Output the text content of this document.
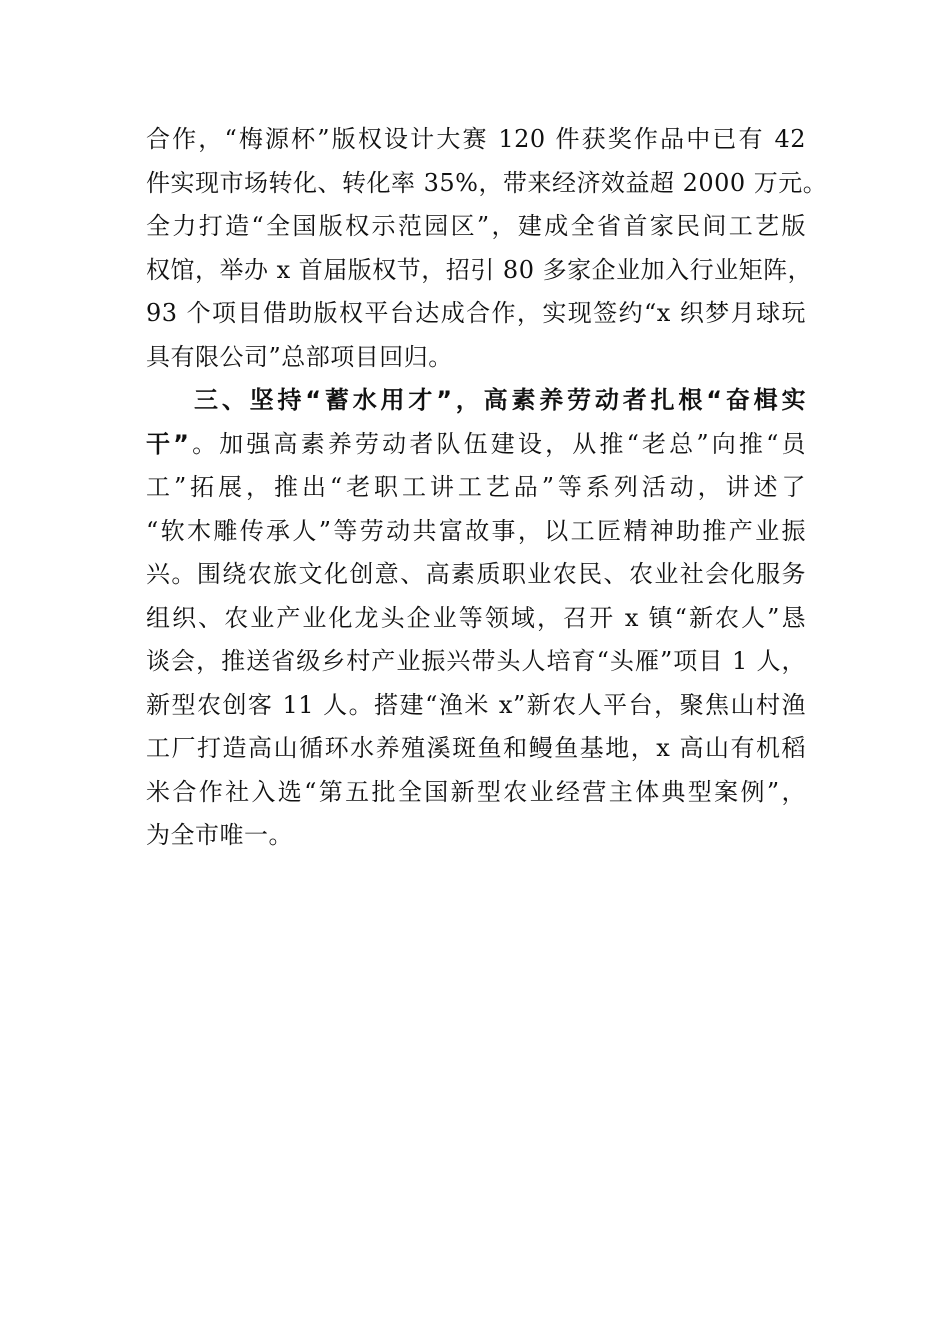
合作，“梅源杯”版权设计大赛 120 件获奖作品中已有 42
件实现市场转化、转化率 35%，带来经济效益超 2000 万元。
全力打造“全国版权示范园区”，建成全省首家民间工艺版
权馆，举办 x 首届版权节，招引 80 多家企业加入行业矩阵，
93 个项目借助版权平台达成合作，实现签约“x 织梦月球玩
具有限公司”总部项目回归。
三、坚持“蓄水用才”，高素养劳动者扎根“奋楫实
干”。加强高素养劳动者队伍建设，从推“老总”向推“员
工”拓展，推出“老职工讲工艺品”等系列活动，讲述了
“软木雕传承人”等劳动共富故事，以工匠精神助推产业振
兴。围绕农旅文化创意、高素质职业农民、农业社会化服务
组织、农业产业化龙头企业等领域，召开 x 镇“新农人”恳
谈会，推送省级乡村产业振兴带头人培育“头雁”项目 1 人，
新型农创客 11 人。搭建“渔米 x”新农人平台，聚焦山村渔
工厂打造高山循环水养殖溪斑鱼和鳗鱼基地，x 高山有机稻
米合作社入选“第五批全国新型农业经营主体典型案例”，
为全市唯一。
